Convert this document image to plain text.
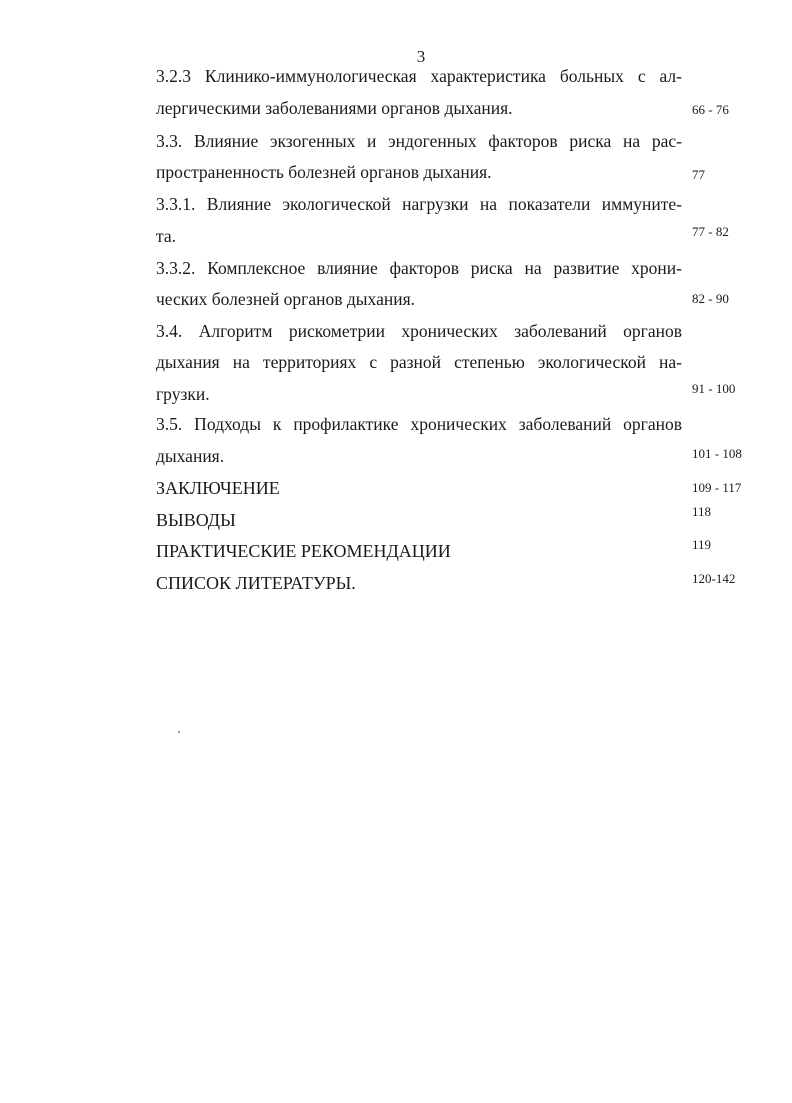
3
3.2.3 Клинико-иммунологическая характеристика больных с ал-
лергическими заболеваниями органов дыхания.	66 - 76
3.3. Влияние экзогенных и эндогенных факторов риска на рас-
пространенность болезней органов дыхания.	77
3.3.1. Влияние экологической нагрузки на показатели иммуните-
та.	77 - 82
3.3.2. Комплексное влияние факторов риска на развитие хрони-
ческих болезней органов дыхания.	82 - 90
3.4. Алгоритм рискометрии хронических заболеваний органов
дыхания на территориях с разной степенью экологической на-
грузки.	91 - 100
3.5. Подходы к профилактике хронических заболеваний органов
дыхания.	101 - 108
ЗАКЛЮЧЕНИЕ	109 - 117
ВЫВОДЫ	118
ПРАКТИЧЕСКИЕ РЕКОМЕНДАЦИИ	119
СПИСОК ЛИТЕРАТУРЫ.	120-142
